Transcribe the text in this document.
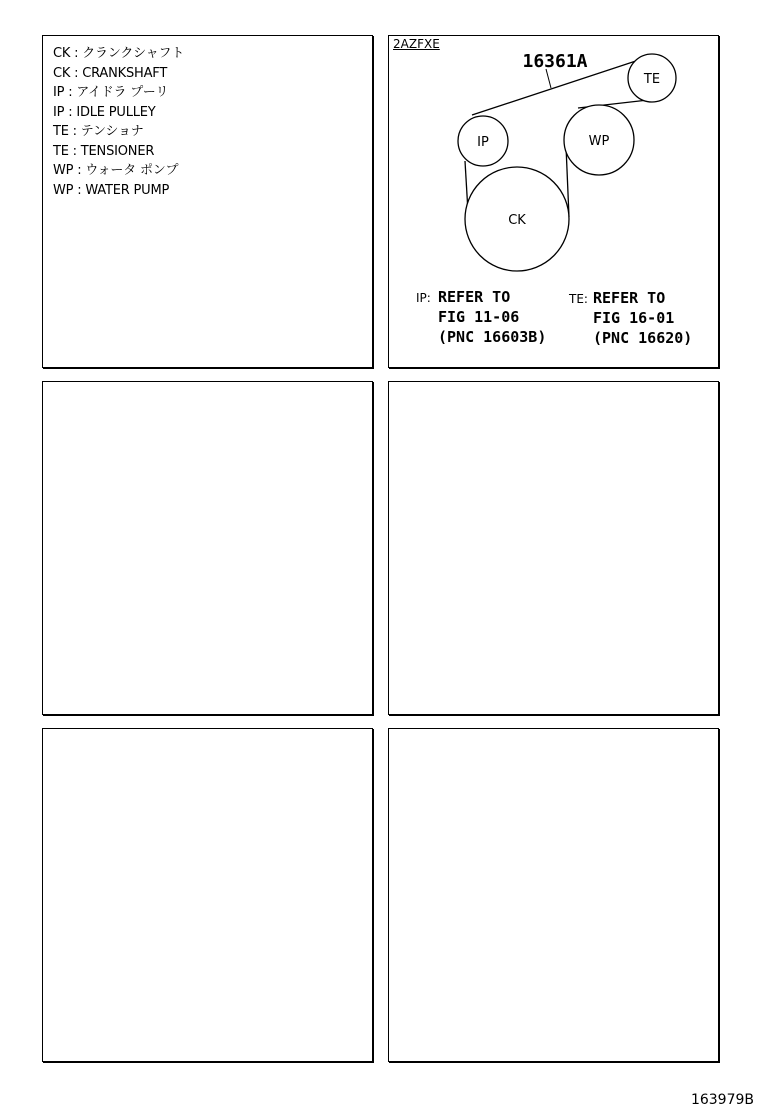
CK : クランクシャフト
CK : CRANKSHAFT
IP : アイドラ プーリ
IP : IDLE PULLEY
TE : テンショナ
TE : TENSIONER
WP : ウォータ ポンプ
WP : WATER PUMP
2AZFXE
TE
IP	WP
CK
16361A
IP: REFER TO
FIG 11-06
(PNC 16603B)
TE: REFER TO
FIG 16-01
(PNC 16620)
163979B
